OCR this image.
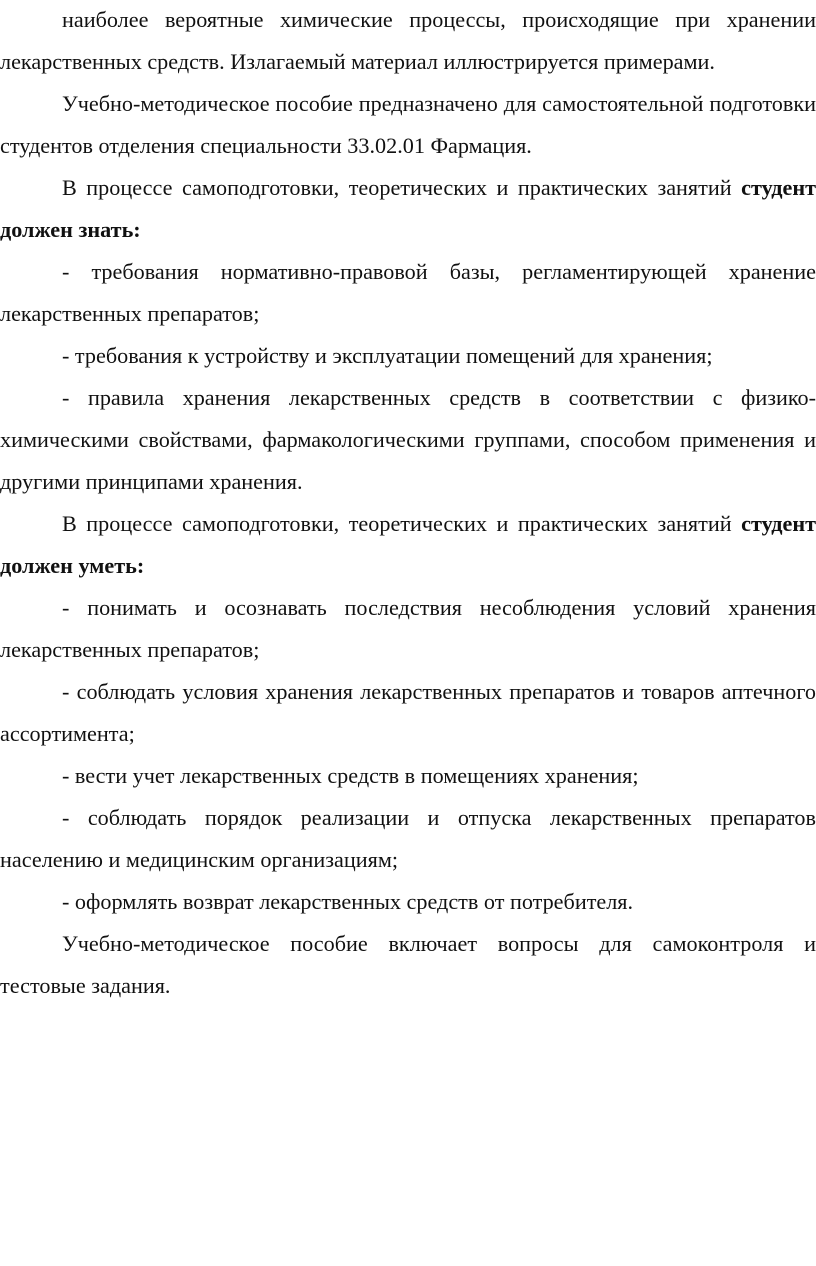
наиболее вероятные химические процессы, происходящие при хранении лекарственных средств. Излагаемый материал иллюстрируется примерами.

Учебно-методическое пособие предназначено для самостоятельной подготовки студентов отделения специальности 33.02.01 Фармация.

В процессе самоподготовки, теоретических и практических занятий студент должен знать:

- требования нормативно-правовой базы, регламентирующей хранение лекарственных препаратов;

- требования к устройству и эксплуатации помещений для хранения;

- правила хранения лекарственных средств в соответствии с физико-химическими свойствами, фармакологическими группами, способом применения и другими принципами хранения.

В процессе самоподготовки, теоретических и практических занятий студент должен уметь:

- понимать и осознавать последствия несоблюдения условий хранения лекарственных препаратов;

- соблюдать условия хранения лекарственных препаратов и товаров аптечного ассортимента;

- вести учет лекарственных средств в помещениях хранения;

- соблюдать порядок реализации и отпуска лекарственных препаратов населению и медицинским организациям;

- оформлять возврат лекарственных средств от потребителя.

Учебно-методическое пособие включает вопросы для самоконтроля и тестовые задания.
